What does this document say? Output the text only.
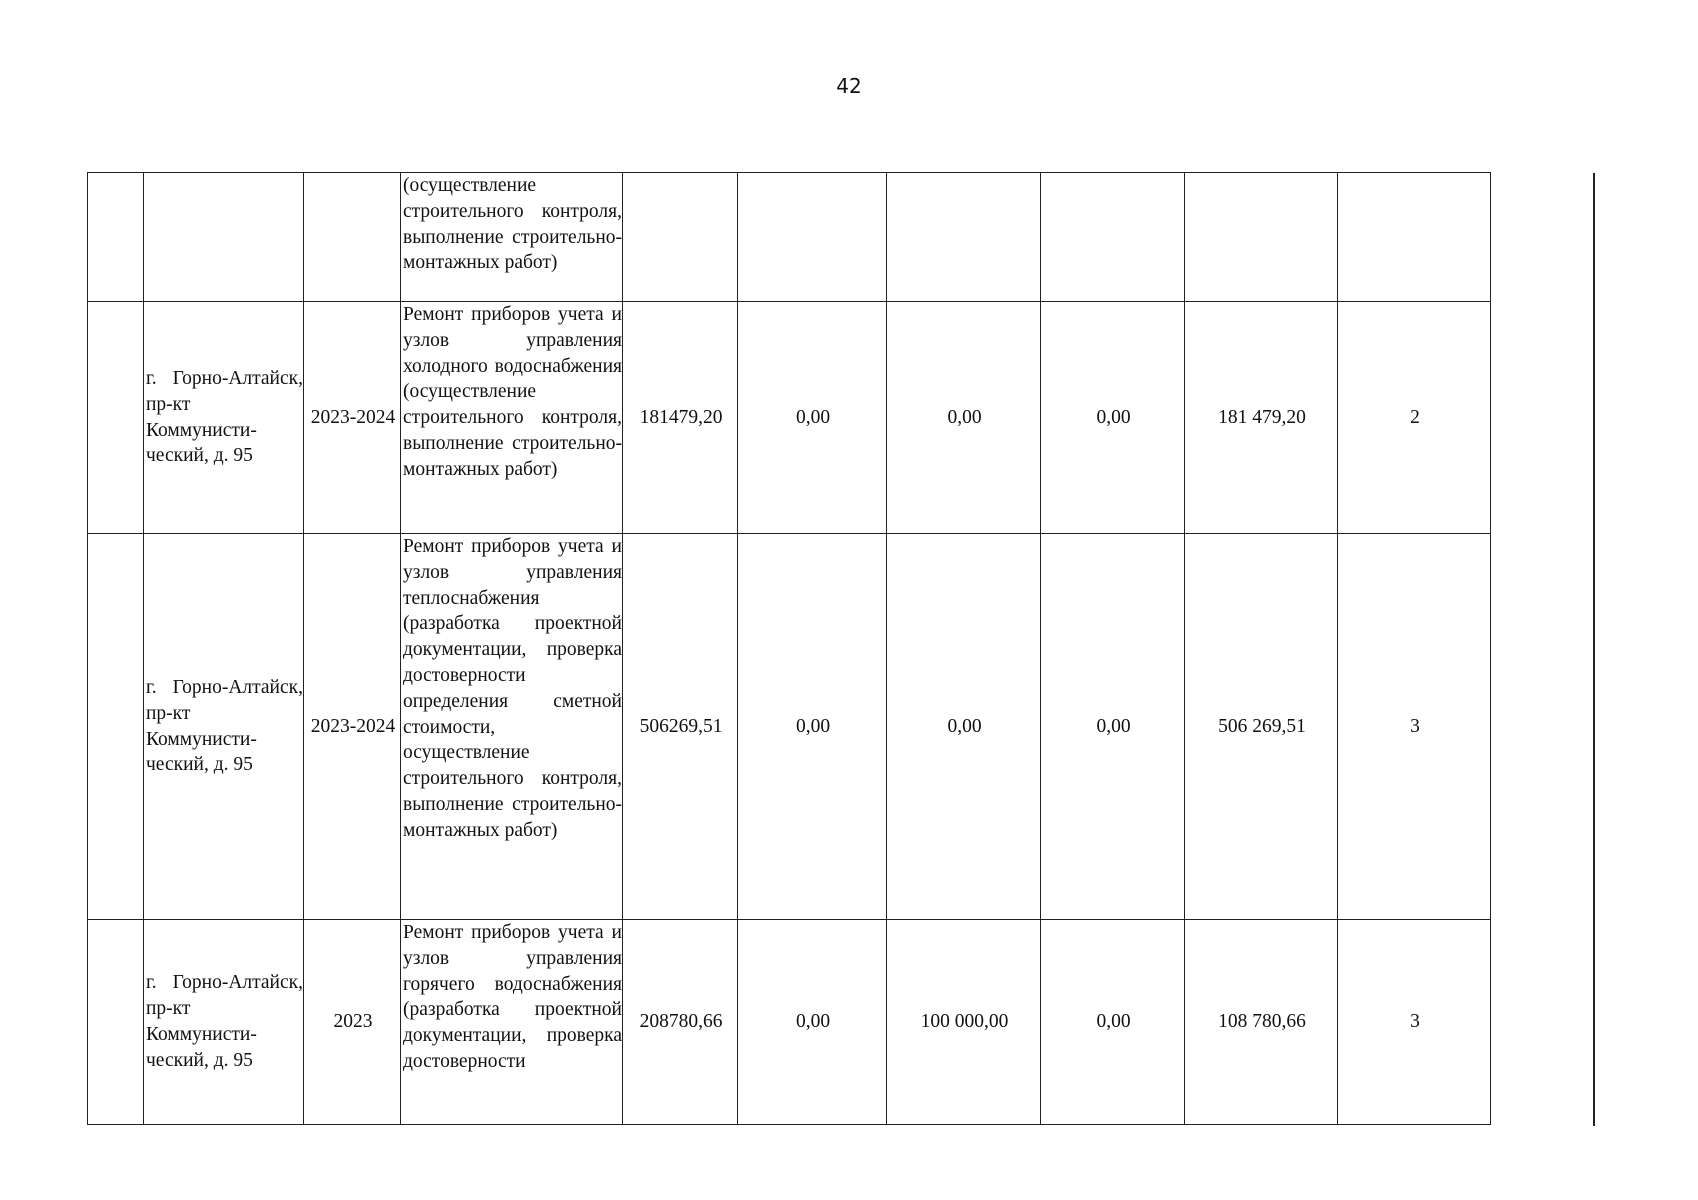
42
			(осуществление строительного контроля, выполнение строительно-монтажных работ)						
	г. Горно-Алтайск, пр-кт Коммунисти-ческий, д. 95	2023-2024	Ремонт приборов учета и узлов управления холодного водоснабжения (осуществление строительного контроля, выполнение строительно-монтажных работ)	181479,20	0,00	0,00	0,00	181 479,20	2
	г. Горно-Алтайск, пр-кт Коммунисти-ческий, д. 95	2023-2024	Ремонт приборов учета и узлов управления теплоснабжения (разработка проектной документации, проверка достоверности определения сметной стоимости, осуществление строительного контроля, выполнение строительно-монтажных работ)	506269,51	0,00	0,00	0,00	506 269,51	3
	г. Горно-Алтайск, пр-кт Коммунисти-ческий, д. 95	2023	Ремонт приборов учета и узлов управления горячего водоснабжения (разработка проектной документации, проверка достоверности	208780,66	0,00	100 000,00	0,00	108 780,66	3
